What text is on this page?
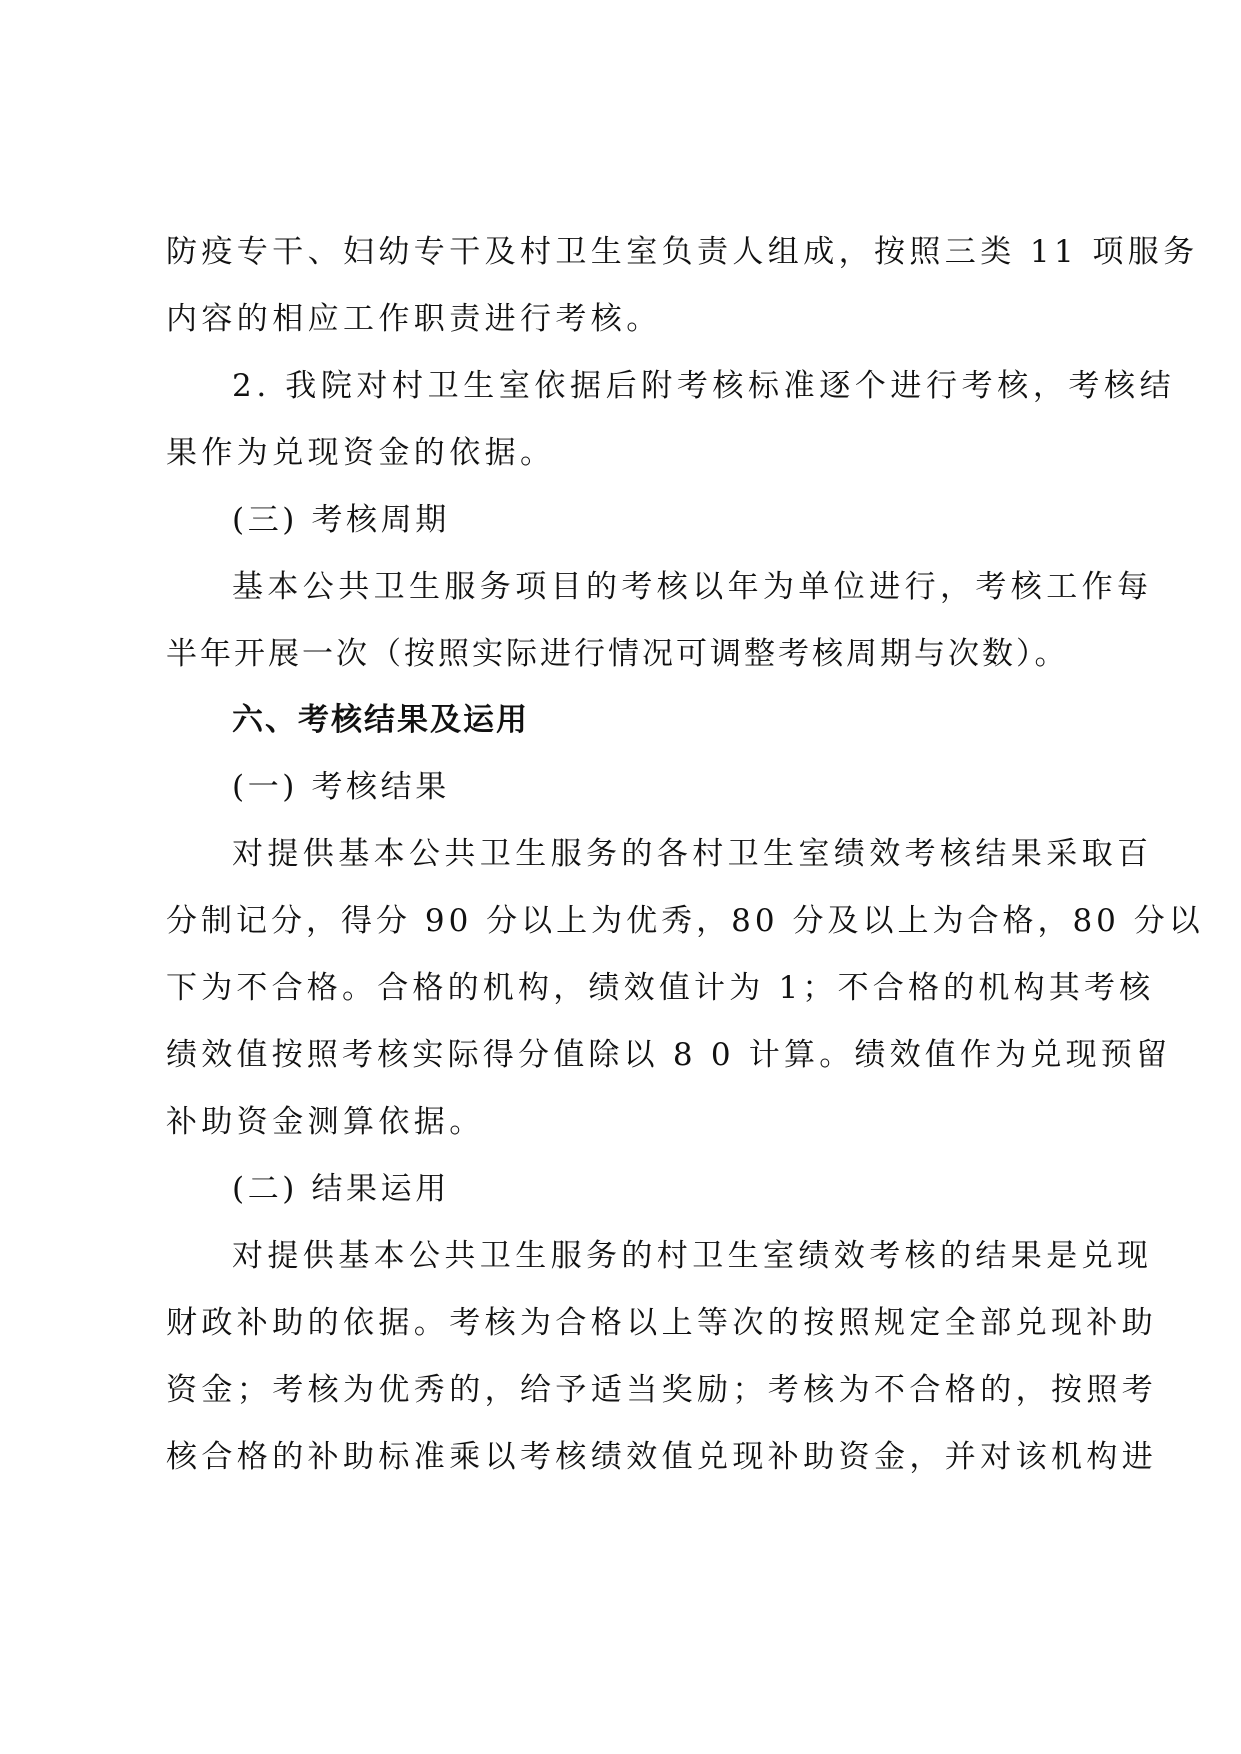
防疫专干、妇幼专干及村卫生室负责人组成，按照三类 11 项服务
内容的相应工作职责进行考核。
2. 我院对村卫生室依据后附考核标准逐个进行考核，考核结
果作为兑现资金的依据。
(三) 考核周期
基本公共卫生服务项目的考核以年为单位进行，考核工作每
半年开展一次（按照实际进行情况可调整考核周期与次数）。
六、考核结果及运用
(一) 考核结果
对提供基本公共卫生服务的各村卫生室绩效考核结果采取百
分制记分，得分 90 分以上为优秀，80 分及以上为合格，80 分以
下为不合格。合格的机构，绩效值计为 1；不合格的机构其考核
绩效值按照考核实际得分值除以 8 0 计算。绩效值作为兑现预留
补助资金测算依据。
(二) 结果运用
对提供基本公共卫生服务的村卫生室绩效考核的结果是兑现
财政补助的依据。考核为合格以上等次的按照规定全部兑现补助
资金；考核为优秀的，给予适当奖励；考核为不合格的，按照考
核合格的补助标准乘以考核绩效值兑现补助资金，并对该机构进
